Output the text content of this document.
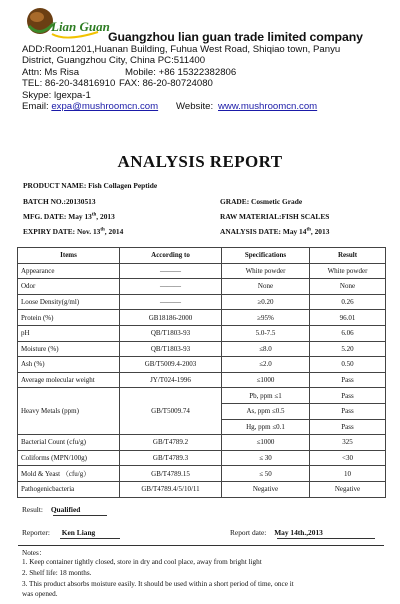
Lian Guan
Guangzhou lian guan trade limited company
ADD:Room1201,Huanan Building, Fuhua West Road, Shiqiao town, Panyu
District, Guangzhou City, China PC:511400
Attn: Ms Risa	Mobile: +86 15322382806
TEL: 86-20-34816910 FAX: 86-20-80724080
Skype: lgexpa-1
Email: expa@mushroomcn.com Website: www.mushroomcn.com
ANALYSIS REPORT
PRODUCT NAME: Fish Collagen Peptide
BATCH NO.:20130513	GRADE: Cosmetic Grade
MFG. DATE: May 13th, 2013	RAW MATERIAL:FISH SCALES
EXPIRY DATE: Nov. 13th, 2014	ANALYSIS DATE: May 14th, 2013
Items	According to	Specifications	Result
Appearance	———	White powder	White powder
Odor	———	None	None
Loose Density(g/ml)	———	≥0.20	0.26
Protein (%)	GB18186-2000	≥95%	96.01
pH	QB/T1803-93	5.0-7.5	6.06
Moisture (%)	QB/T1803-93	≤8.0	5.20
Ash (%)	GB/T5009.4-2003	≤2.0	0.50
Average molecular weight	JY/T024-1996	≤1000	Pass
Heavy Metals (ppm)	GB/T5009.74	Pb, ppm ≤1	Pass
		As, ppm ≤0.5	Pass
		Hg, ppm ≤0.1	Pass
Bacterial Count (cfu/g)	GB/T4789.2	≤1000	325
Coliforms (MPN/100g)	GB/T4789.3	≤ 30	<30
Mold & Yeast （cfu/g）	GB/T4789.15	≤ 50	10
Pathogenicbacteria	GB/T4789.4/5/10/11	Negative	Negative
Result: Qualified
Reporter: Ken Liang	Report date: May 14th.,2013
Notes：
1. Keep container tightly closed, store in dry and cool place, away from bright light
2. Shelf life: 18 months.
3. This product absorbs moisture easily. It should be used within a short period of time, once it
was opened.
